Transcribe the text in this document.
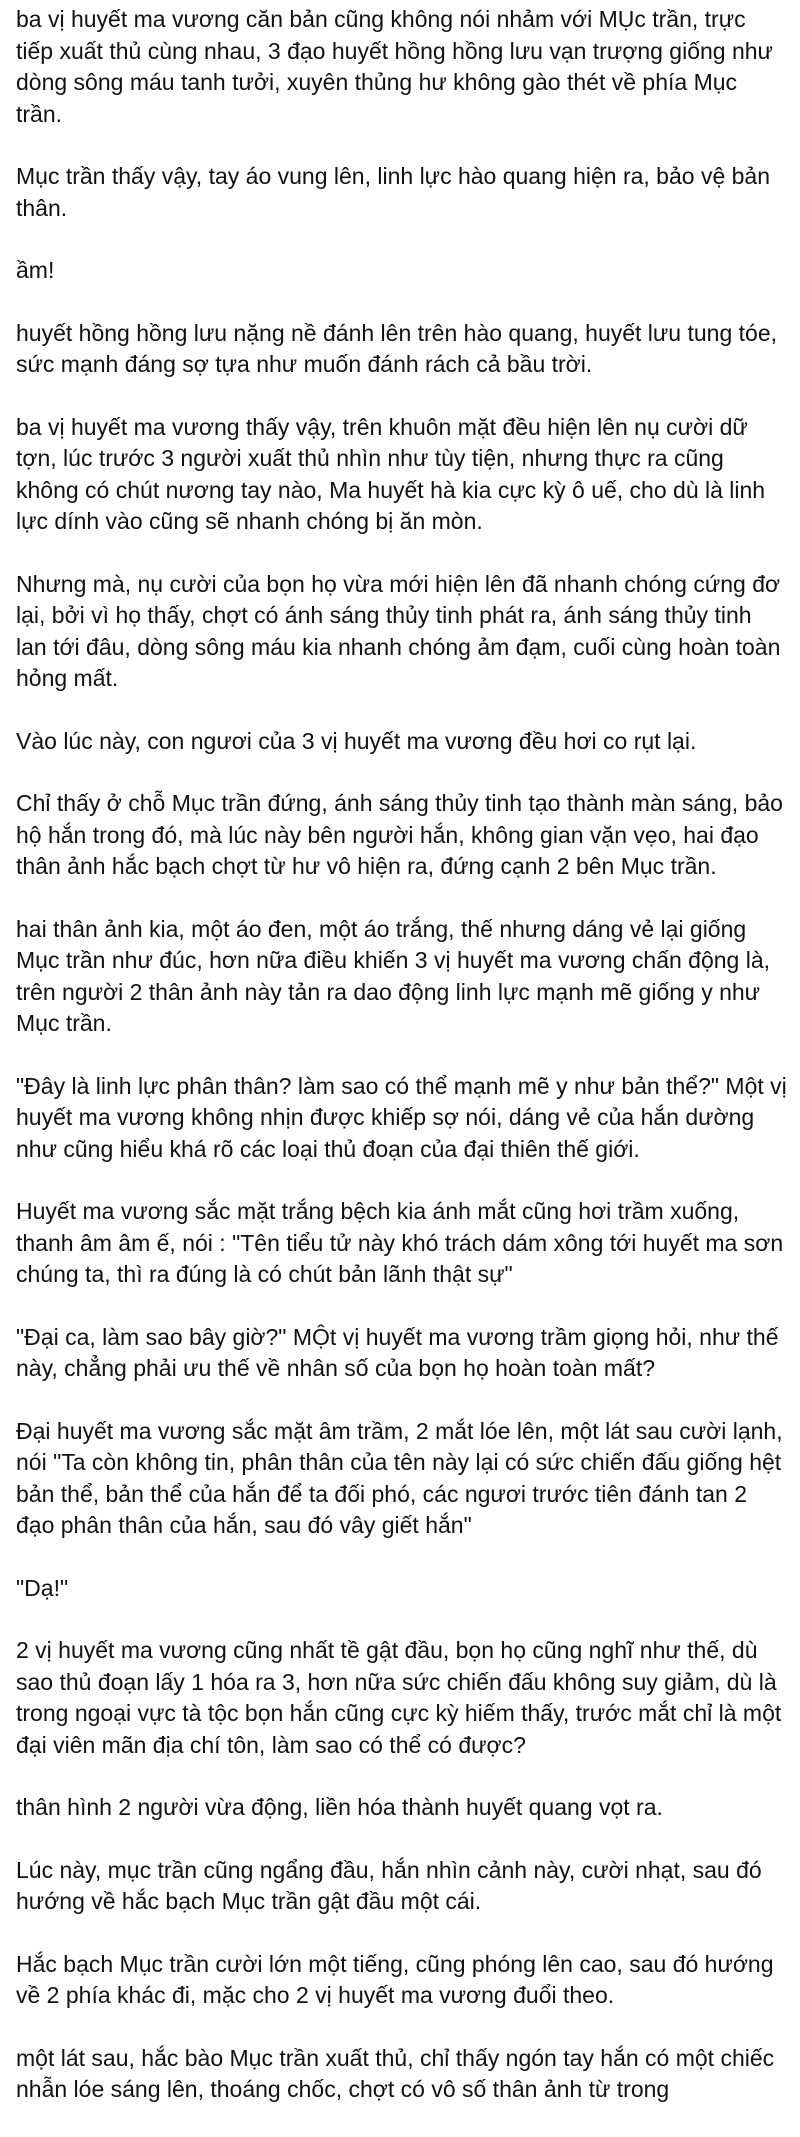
ba vị huyết ma vương căn bản cũng không nói nhảm với MỤc trần, trực tiếp xuất thủ cùng nhau, 3 đạo huyết hồng hồng lưu vạn trượng giống như dòng sông máu tanh tưởi, xuyên thủng hư không gào thét về phía Mục trần.

Mục trần thấy vậy, tay áo vung lên, linh lực hào quang hiện ra, bảo vệ bản thân.

ầm!

huyết hồng hồng lưu nặng nề đánh lên trên hào quang, huyết lưu tung tóe, sức mạnh đáng sợ tựa như muốn đánh rách cả bầu trời.

ba vị huyết ma vương thấy vậy, trên khuôn mặt đều hiện lên nụ cười dữ tợn, lúc trước 3 người xuất thủ nhìn như tùy tiện, nhưng thực ra cũng không có chút nương tay nào, Ma huyết hà kia cực kỳ ô uế, cho dù là linh lực dính vào cũng sẽ nhanh chóng bị ăn mòn.

Nhưng mà, nụ cười của bọn họ vừa mới hiện lên đã nhanh chóng cứng đơ lại, bởi vì họ thấy, chợt có ánh sáng thủy tinh phát ra, ánh sáng thủy tinh lan tới đâu, dòng sông máu kia nhanh chóng ảm đạm, cuối cùng hoàn toàn hỏng mất.

Vào lúc này, con ngươi của 3 vị huyết ma vương đều hơi co rụt lại.

Chỉ thấy ở chỗ Mục trần đứng, ánh sáng thủy tinh tạo thành màn sáng, bảo hộ hắn trong đó, mà lúc này bên người hắn, không gian vặn vẹo, hai đạo thân ảnh hắc bạch chợt từ hư vô hiện ra, đứng cạnh 2 bên Mục trần.

hai thân ảnh kia, một áo đen, một áo trắng, thế nhưng dáng vẻ lại giống Mục trần như đúc, hơn nữa điều khiến 3 vị huyết ma vương chấn động là, trên người 2 thân ảnh này tản ra dao động linh lực mạnh mẽ giống y như Mục trần.

"Đây là linh lực phân thân? làm sao có thể mạnh mẽ y như bản thể?" Một vị huyết ma vương không nhịn được khiếp sợ nói, dáng vẻ của hắn dường như cũng hiểu khá rõ các loại thủ đoạn của đại thiên thế giới.

Huyết ma vương sắc mặt trắng bệch kia ánh mắt cũng hơi trầm xuống, thanh âm âm ế, nói : "Tên tiểu tử này khó trách dám xông tới huyết ma sơn chúng ta, thì ra đúng là có chút bản lãnh thật sự"

"Đại ca, làm sao bây giờ?" MỘt vị huyết ma vương trầm giọng hỏi, như thế này, chẳng phải ưu thế về nhân số của bọn họ hoàn toàn mất?

Đại huyết ma vương sắc mặt âm trầm, 2 mắt lóe lên, một lát sau cười lạnh, nói "Ta còn không tin, phân thân của tên này lại có sức chiến đấu giống hệt bản thể, bản thể của hắn để ta đối phó, các ngươi trước tiên đánh tan 2 đạo phân thân của hắn, sau đó vây giết hắn"

"Dạ!"

2 vị huyết ma vương cũng nhất tề gật đầu, bọn họ cũng nghĩ như thế, dù sao thủ đoạn lấy 1 hóa ra 3, hơn nữa sức chiến đấu không suy giảm, dù là trong ngoại vực tà tộc bọn hắn cũng cực kỳ hiếm thấy, trước mắt chỉ là một đại viên mãn địa chí tôn, làm sao có thể có được?

thân hình 2 người vừa động, liền hóa thành huyết quang vọt ra.

Lúc này, mục trần cũng ngẩng đầu, hắn nhìn cảnh này, cười nhạt, sau đó hướng về hắc bạch Mục trần gật đầu một cái.

Hắc bạch Mục trần cười lớn một tiếng, cũng phóng lên cao, sau đó hướng về 2 phía khác đi, mặc cho 2 vị huyết ma vương đuổi theo.

một lát sau, hắc bào Mục trần xuất thủ, chỉ thấy ngón tay hắn có một chiếc nhẫn lóe sáng lên, thoáng chốc, chợt có vô số thân ảnh từ trong
